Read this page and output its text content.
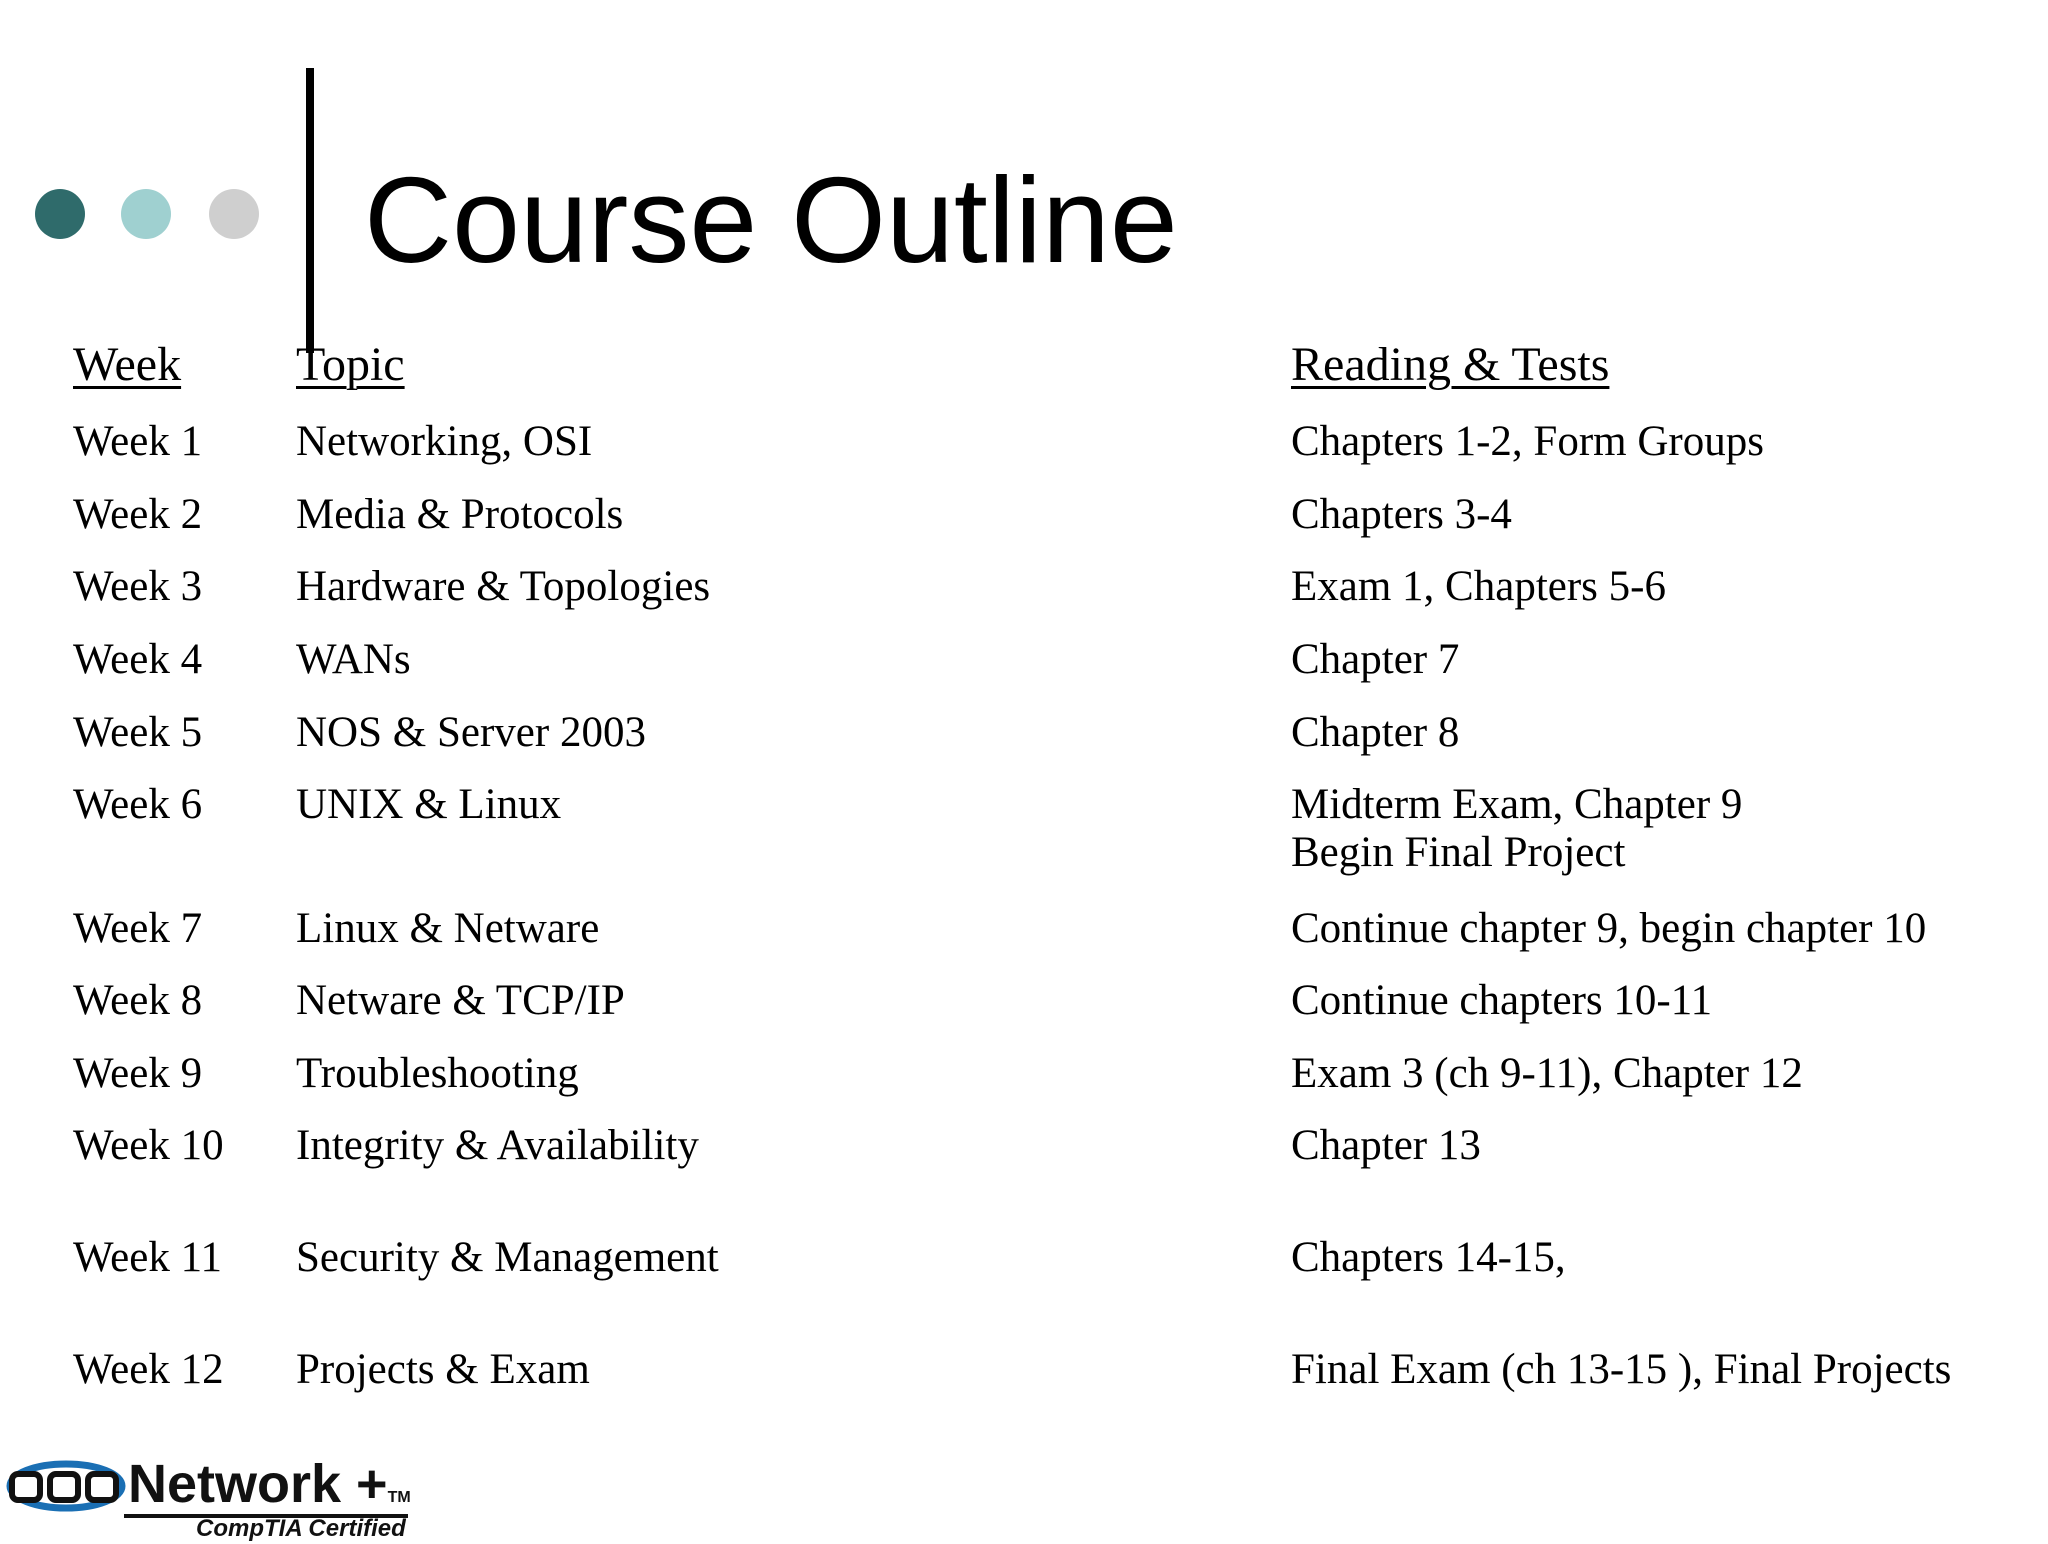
Course Outline
Week Topic	Reading & Tests
Week 1 Networking, OSI	Chapters 1-2, Form Groups
Week 2 Media & Protocols	Chapters 3-4
Week 3 Hardware & Topologies	Exam 1, Chapters 5-6
Week 4 WANs	Chapter 7
Week 5 NOS & Server 2003	Chapter 8
Week 6 UNIX & Linux	Midterm Exam, Chapter 9
Begin Final Project
Week 7 Linux & Netware	Continue chapter 9, begin chapter 10
Week 8 Netware & TCP/IP	Continue chapters 10-11
Week 9 Troubleshooting	Exam 3 (ch 9-11), Chapter 12
Week 10 Integrity & Availability	Chapter 13
Week 11 Security & Management	Chapters 14-15,
Week 12 Projects & Exam	Final Exam (ch 13-15 ), Final Projects
Network +TM
CompTIA Certified
